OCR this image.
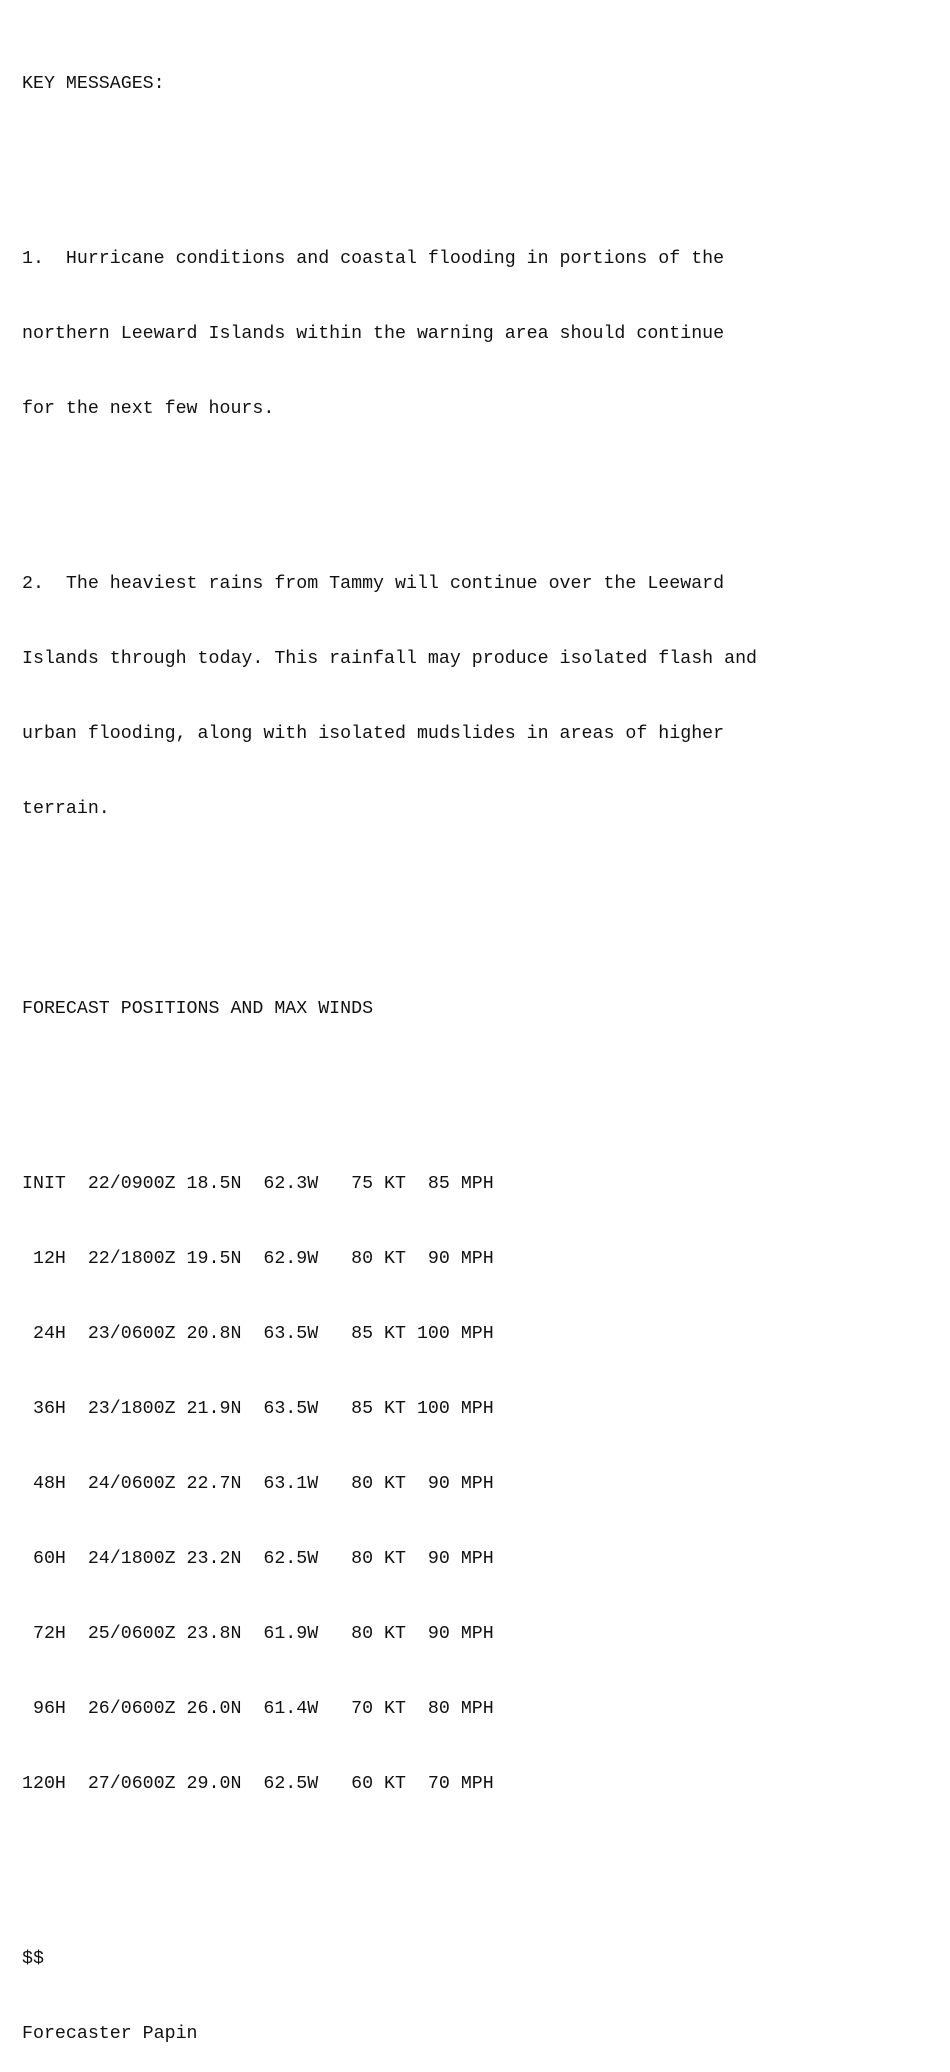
KEY MESSAGES:

1.  Hurricane conditions and coastal flooding in portions of the

northern Leeward Islands within the warning area should continue

for the next few hours.

2.  The heaviest rains from Tammy will continue over the Leeward

Islands through today. This rainfall may produce isolated flash and

urban flooding, along with isolated mudslides in areas of higher

terrain.

FORECAST POSITIONS AND MAX WINDS

INIT  22/0900Z 18.5N  62.3W   75 KT  85 MPH

12H  22/1800Z 19.5N  62.9W   80 KT  90 MPH

24H  23/0600Z 20.8N  63.5W   85 KT 100 MPH

36H  23/1800Z 21.9N  63.5W   85 KT 100 MPH

48H  24/0600Z 22.7N  63.1W   80 KT  90 MPH

60H  24/1800Z 23.2N  62.5W   80 KT  90 MPH

72H  25/0600Z 23.8N  61.9W   80 KT  90 MPH

96H  26/0600Z 26.0N  61.4W   70 KT  80 MPH

120H  27/0600Z 29.0N  62.5W   60 KT  70 MPH

$$

Forecaster Papin
